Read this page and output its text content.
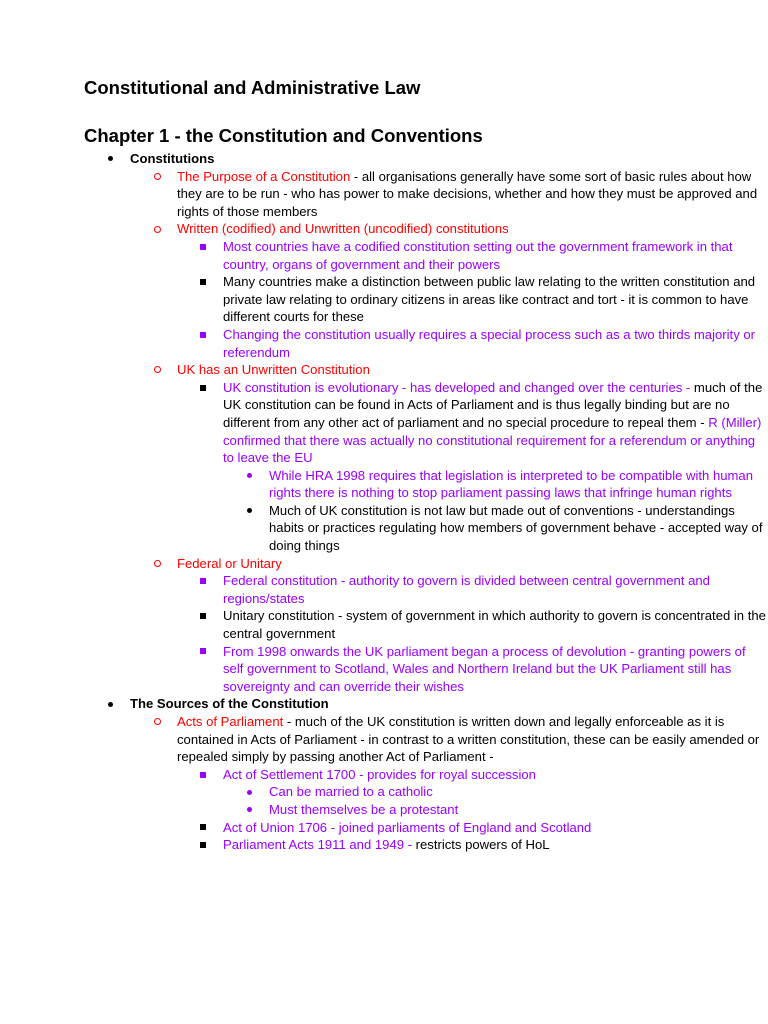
Constitutional and Administrative Law
Chapter 1 - the Constitution and Conventions
Constitutions
The Purpose of a Constitution - all organisations generally have some sort of basic rules about how they are to be run - who has power to make decisions, whether and how they must be approved and rights of those members
Written (codified) and Unwritten (uncodified) constitutions
Most countries have a codified constitution setting out the government framework in that country, organs of government and their powers
Many countries make a distinction between public law relating to the written constitution and private law relating to ordinary citizens in areas like contract and tort - it is common to have different courts for these
Changing the constitution usually requires a special process such as a two thirds majority or referendum
UK has an Unwritten Constitution
UK constitution is evolutionary - has developed and changed over the centuries - much of the UK constitution can be found in Acts of Parliament and is thus legally binding but are no different from any other act of parliament and no special procedure to repeal them - R (Miller) confirmed that there was actually no constitutional requirement for a referendum or anything to leave the EU
While HRA 1998 requires that legislation is interpreted to be compatible with human rights there is nothing to stop parliament passing laws that infringe human rights
Much of UK constitution is not law but made out of conventions - understandings habits or practices regulating how members of government behave - accepted way of doing things
Federal or Unitary
Federal constitution - authority to govern is divided between central government and regions/states
Unitary constitution - system of government in which authority to govern is concentrated in the central government
From 1998 onwards the UK parliament began a process of devolution - granting powers of self government to Scotland, Wales and Northern Ireland but the UK Parliament still has sovereignty and can override their wishes
The Sources of the Constitution
Acts of Parliament - much of the UK constitution is written down and legally enforceable as it is contained in Acts of Parliament - in contrast to a written constitution, these can be easily amended or repealed simply by passing another Act of Parliament -
Act of Settlement 1700 - provides for royal succession
Can be married to a catholic
Must themselves be a protestant
Act of Union 1706 - joined parliaments of England and Scotland
Parliament Acts 1911 and 1949 - restricts powers of HoL
